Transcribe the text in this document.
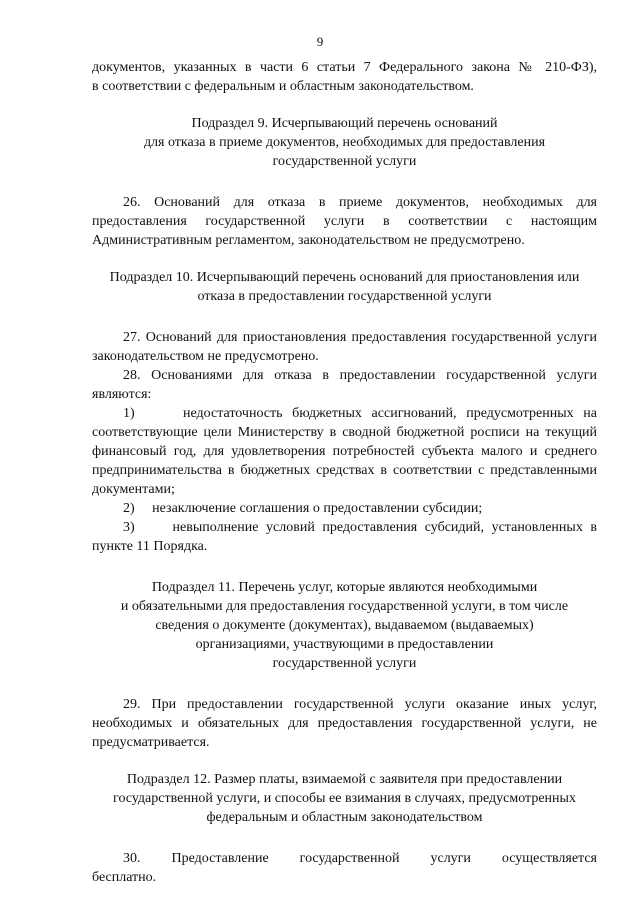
9

документов, указанных в части 6 статьи 7 Федерального закона № 210-ФЗ),

в соответствии с федеральным и областным законодательством.

Подраздел 9. Исчерпывающий перечень оснований

для отказа в приеме документов, необходимых для предоставления

государственной услуги

26. Оснований для отказа в приеме документов, необходимых для предоставления государственной услуги в соответствии с настоящим Административным регламентом, законодательством не предусмотрено.

Подраздел 10. Исчерпывающий перечень оснований для приостановления или

отказа в предоставлении государственной услуги

27. Оснований для приостановления предоставления государственной услуги законодательством не предусмотрено.

28. Основаниями для отказа в предоставлении государственной услуги являются:

1)	недостаточность бюджетных ассигнований, предусмотренных на соответствующие цели Министерству в сводной бюджетной росписи на текущий финансовый год, для удовлетворения потребностей субъекта малого и среднего предпринимательства в бюджетных средствах в соответствии с представленными документами;

2) незаключение соглашения о предоставлении субсидии;

3)	невыполнение условий предоставления субсидий, установленных в пункте 11 Порядка.

Подраздел 11. Перечень услуг, которые являются необходимыми

и обязательными для предоставления государственной услуги, в том числе

сведения о документе (документах), выдаваемом (выдаваемых)

организациями, участвующими в предоставлении

государственной услуги

29. При предоставлении государственной услуги оказание иных услуг, необходимых и обязательных для предоставления государственной услуги, не предусматривается.

Подраздел 12. Размер платы, взимаемой с заявителя при предоставлении

государственной услуги, и способы ее взимания в случаях, предусмотренных

федеральным и областным законодательством

30. Предоставление государственной услуги осуществляется бесплатно.
